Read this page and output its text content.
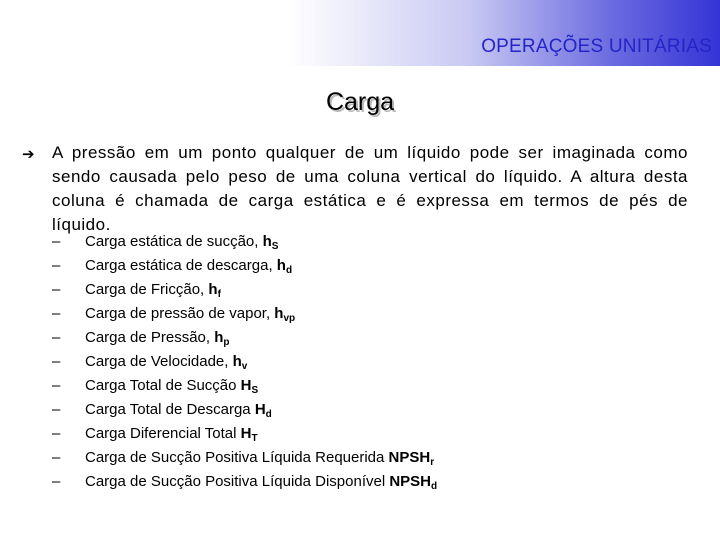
OPERAÇÕES UNITÁRIAS
Carga
➔ A pressão em um ponto qualquer de um líquido pode ser imaginada como sendo causada pelo peso de uma coluna vertical do líquido. A altura desta coluna é chamada de carga estática e é expressa em termos de pés de líquido.

– Carga estática de sucção, $h_S$
– Carga estática de descarga, $h_d$
– Carga de Fricção, $h_f$
– Carga de pressão de vapor, $h_{vp}$
– Carga de Pressão, $h_p$
– Carga de Velocidade, $h_v$
– Carga Total de Sucção $H_S$
– Carga Total de Descarga $H_d$
– Carga Diferencial Total $H_T$
– Carga de Sucção Positiva Líquida Requerida $NPSH_r$
– Carga de Sucção Positiva Líquida Disponível $NPSH_d$
